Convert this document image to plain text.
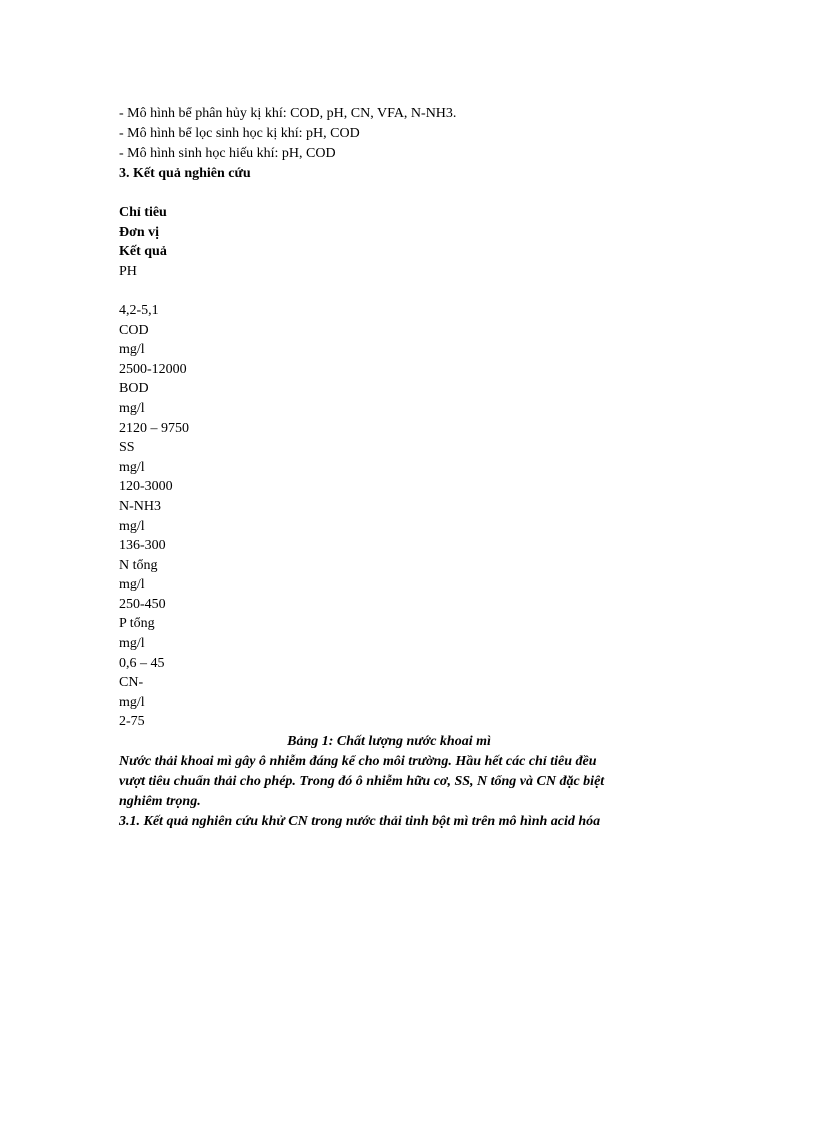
- Mô hình bể phân hủy kị khí: COD, pH, CN, VFA, N-NH3.
- Mô hình bể lọc sinh học kị khí: pH, COD
- Mô hình sinh học hiếu khí: pH, COD
3. Kết quả nghiên cứu
Chỉ tiêu
Đơn vị
Kết quả
PH
4,2-5,1
COD
mg/l
2500-12000
BOD
mg/l
2120 – 9750
SS
mg/l
120-3000
N-NH3
mg/l
136-300
N tổng
mg/l
250-450
P tổng
mg/l
0,6 – 45
CN-
mg/l
2-75
Bảng 1: Chất lượng nước khoai mì
Nước thải khoai mì gây ô nhiễm đáng kể cho môi trường. Hầu hết các chỉ tiêu đều
vượt tiêu chuẩn thải cho phép. Trong đó ô nhiễm hữu cơ, SS, N tổng và CN đặc biệt
nghiêm trọng.
3.1. Kết quả nghiên cứu khử CN trong nước thải tinh bột mì trên mô hình acid hóa
